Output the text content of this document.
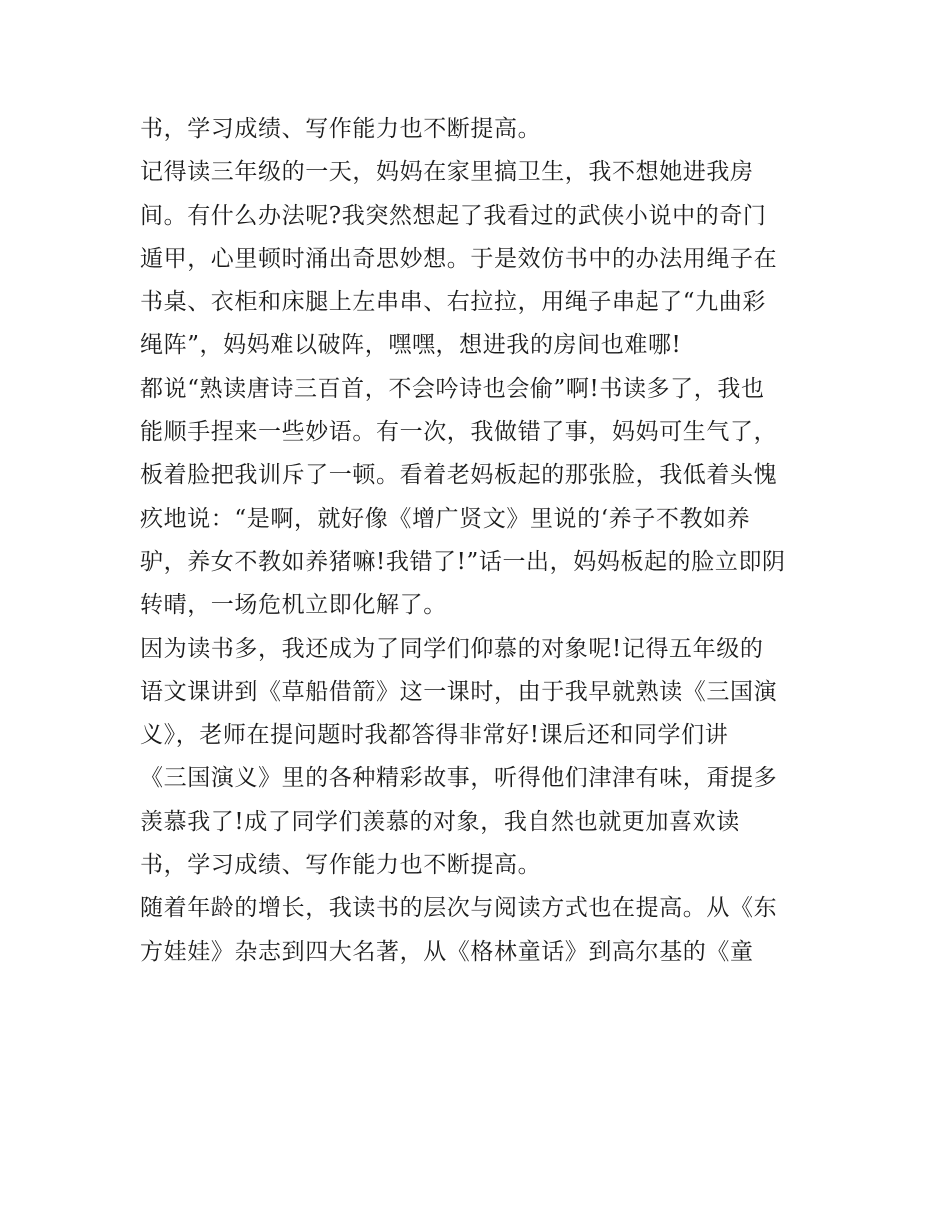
书，学习成绩、写作能力也不断提高。
记得读三年级的一天，妈妈在家里搞卫生，我不想她进我房
间。有什么办法呢?我突然想起了我看过的武侠小说中的奇门
遁甲，心里顿时涌出奇思妙想。于是效仿书中的办法用绳子在
书桌、衣柜和床腿上左串串、右拉拉，用绳子串起了“九曲彩
绳阵”，妈妈难以破阵，嘿嘿，想进我的房间也难哪!
都说“熟读唐诗三百首，不会吟诗也会偷”啊!书读多了，我也
能顺手捏来一些妙语。有一次，我做错了事，妈妈可生气了，
板着脸把我训斥了一顿。看着老妈板起的那张脸，我低着头愧
疚地说：“是啊，就好像《增广贤文》里说的‘养子不教如养
驴，养女不教如养猪嘛!我错了!”话一出，妈妈板起的脸立即阴
转晴，一场危机立即化解了。
因为读书多，我还成为了同学们仰慕的对象呢!记得五年级的
语文课讲到《草船借箭》这一课时，由于我早就熟读《三国演
义》，老师在提问题时我都答得非常好!课后还和同学们讲
《三国演义》里的各种精彩故事，听得他们津津有味，甭提多
羡慕我了!成了同学们羡慕的对象，我自然也就更加喜欢读
书，学习成绩、写作能力也不断提高。
随着年龄的增长，我读书的层次与阅读方式也在提高。从《东
方娃娃》杂志到四大名著，从《格林童话》到高尔基的《童
